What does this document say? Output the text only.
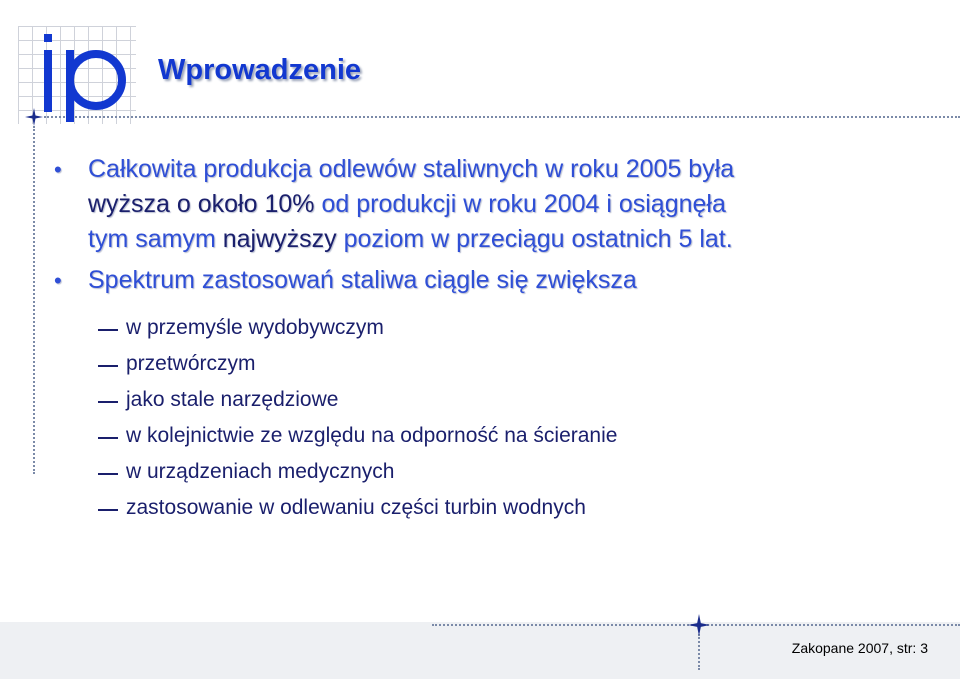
Wprowadzenie
• Całkowita produkcja odlewów staliwnych w roku 2005 była
wyższa o około 10% od produkcji w roku 2004 i osiągnęła
tym samym najwyższy poziom w przeciągu ostatnich 5 lat.
• Spektrum zastosowań staliwa ciągle się zwiększa
w przemyśle wydobywczym
przetwórczym
jako stale narzędziowe
w kolejnictwie ze względu na odporność na ścieranie
w urządzeniach medycznych
zastosowanie w odlewaniu części turbin wodnych
Zakopane 2007, str: 3
